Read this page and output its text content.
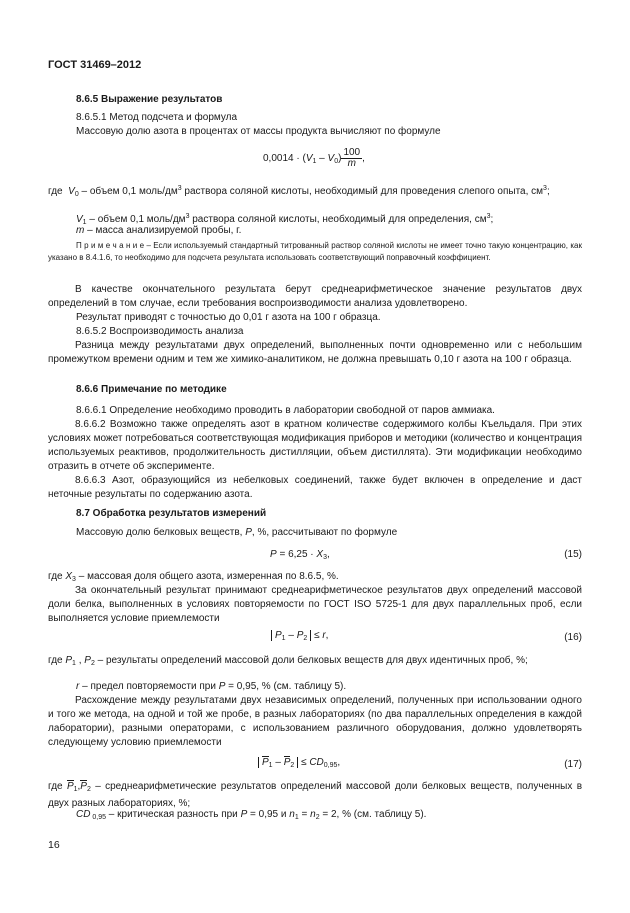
ГОСТ 31469–2012
8.6.5 Выражение результатов
8.6.5.1 Метод подсчета и формула
Массовую долю азота в процентах от массы продукта вычисляют по формуле
$0,0014 \cdot (V_1 - V_0) \frac{100}{m}$ ,
где $V_0$ – объем 0,1 моль/$дм^3$ раствора соляной кислоты, необходимый для проведения слепого опыта, $см^3$;
$V_1$ – объем 0,1 моль/$дм^3$ раствора соляной кислоты, необходимый для определения, $см^3$;
m – масса анализируемой пробы, г.
П р и м е ч а н и е – Если используемый стандартный титрованный раствор соляной кислоты не имеет точно такую концентрацию, как указано в 8.4.1.6, то необходимо для подсчета результата использовать соответствующий поправочный коэффициент.
В качестве окончательного результата берут среднеарифметическое значение результатов двух определений в том случае, если требования воспроизводимости анализа удовлетворено.
Результат приводят с точностью до 0,01 г азота на 100 г образца.
8.6.5.2 Воспроизводимость анализа
Разница между результатами двух определений, выполненных почти одновременно или с небольшим промежутком времени одним и тем же химико-аналитиком, не должна превышать 0,10 г азота на 100 г образца.
8.6.6 Примечание по методике
8.6.6.1 Определение необходимо проводить в лаборатории свободной от паров аммиака.
8.6.6.2 Возможно также определять азот в кратном количестве содержимого колбы Къельдаля. При этих условиях может потребоваться соответствующая модификация приборов и методики (количество и концентрация используемых реактивов, продолжительность дистилляции, объем дистиллята). Эти модификации необходимо отразить в отчете об эксперименте.
8.6.6.3 Азот, образующийся из небелковых соединений, также будет включен в определение и даст неточные результаты по содержанию азота.
8.7 Обработка результатов измерений
Массовую долю белковых веществ, P, %, рассчитывают по формуле
$P = 6,25 \cdot X_3$,	(15)
где $X_3$ – массовая доля общего азота, измеренная по 8.6.5, %.
За окончательный результат принимают среднеарифметическое результатов двух определений массовой доли белка, выполненных в условиях повторяемости по ГОСТ ISO 5725-1 для двух параллельных проб, если выполняется условие приемлемости
$P_1 - P_2 \le r$,	(16)
где $P_1$ , $P_2$ – результаты определений массовой доли белковых веществ для двух идентичных проб, %;
r – предел повторяемости при P = 0,95, % (см. таблицу 5).
Расхождение между результатами двух независимых определений, полученных при использовании одного и того же метода, на одной и той же пробе, в разных лабораториях (по два параллельных определения в каждой лаборатории), разными операторами, с использованием различного оборудования, должно удовлетворять следующему условию приемлемости
$P_1 - P_2 \le CD_{0,95}$,	(17)
где $P_1,P_2$ – среднеарифметические результатов определений массовой доли белковых веществ, полученных в двух разных лабораториях, %;
CD $_{0,95}$ – критическая разность при P = 0,95 и $n_1 = n_2 = 2$, % (см. таблицу 5).
16
